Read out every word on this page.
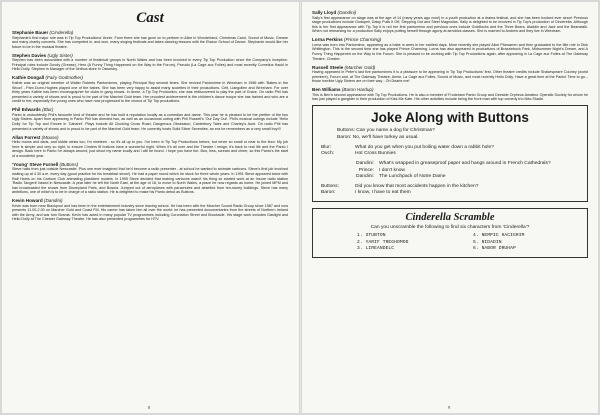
Cast
Stephanie Bauer (Cinderella)
Stephanie's first major role was in Tip Top Productions' Annie. From there she has gone on to perform in Alice in Wonderland, Christmas Carol, Sound of Music, Grease and many charity concerts. She has competed in, and won, many singing festivals and takes dancing lessons with the Elsdon School of Dance. Stephanie would like her future to be in the musical theatre.
Stephen Davies (Ugly Sister)
Stephen has been associated with a number of theatrical groups in North Wales and has been involved in every Tip Top Production since the Company's inception. Principal roles include Doody (Grease), Hero (A Funny Thing Happened on the Way to the Forum), Pseudo (La Cage aux Folles) and most recently Cornelius Hackl in Hello Dolly. Stephen is Manager of the Ichthus store in Oswestry.
Kathie Dongall (Fairy Godmother)
Kathie was an original member of Walter Roberts Pantomimes, playing Principal Boy several times. She revived Pantomime in Wrexham in 1986 with 'Babes in the Wood' - Pam Dunn-Hughes played one of the babes. She has been very happy to assist many societies in their productions. Celt, Llangollen and Wrexham. For over thirty years Kathie has been choreographer for clubs in gang shows. In Annie, a Tip Top Production, she was rediscovered to play the part of Grace. On radio Phil has presented a variety of shows and is proud to be part of the Marchel Gold team. Her proudest achievement is the children's dance troupe she has trained and who are a credit to her, especially the young ones who have now progressed to the chorus of Tip Top productions.
Phil Edwards (Blur)
Panto is undoubtedly Phil's favourite kind of theatre and he has built a reputation locally as a comedian and dame. This year he is pleased to be the prettier of the two Ugly Sisters. Apart from appearing in Panto Phil has directed two, as well as an occasional outing with Phil Russell's 'Our Day Out'. Phil's musical outings include 'Hello Dolly' for Tip Top and Emcee in 'Cabaret'. Plays include All Clucking Cross Road, Dangerous Obsession, Canterbury Tales and Charley's Aunt. On radio Phil has presented a variety of shows and is proud to be part of the Marchel Gold team. He currently hosts Solid Silver Seventies, an era he remembers as a very small boy!!!
Allan Forrest (Mouse)
Hello mums and dads, and kiddie winks too; I'm nineteen - so it's all up to you. I've been in Tip Top Productions before, but never so small or near to the floor. My job here is simple and very so right, to ensure Cinders fit buttons have a wonderful night. When it's all over and the Theatre I resign, it's back to real life and the Panto I design. Back here in Panto I'm always around, just shout my name loudly and I will be found. I hope you have fun. Boo, hiss, scream and cheer, so this Panto's the start of a wonderful year.
'Young' Steve Furnell (Buttons)
Steve hails from just outside Newcastle. Plus one ever imagined that he'd become a radio presenter - at school he wanted to animate cartoons. Steve's first job involved waking up at 4.30 a.m. every day (good practice for his breakfast show!). He had a paper round which he stuck for three whole years. In 1991 Steve appeared twice with Ralf Harris on his Cartoon Club animating plasticine models. In 1995 Steve decided that making cartoons wasn't his thing so started work at an Insure radio station 'Radio Tangent' based in Newcastle. A year later he left the North East, at the age of 18, to move to North Wales, a place he now regards as home. He joined MFM and has broadcasted the shows from Disneyland Paris, and Bosnia. Jumped out of aeroplanes with parachutes and abseiled from ten-storey buildings. Steve has many ambitions, one of which is to be in charge of a radio station. He is delighted to make his Panto debut as Buttons.
Kevin Howard (Dandini)
Kevin was born near Blackpool and has been in the entertainment industry since leaving school. He has been with the Marcher Sound Radio Group since 1987 and now presents 11.00-2.00 on Marcher Gold and Coast FM. His career has taken him all over the world: he has presented documentaries from the streets of Northern Ireland with the Army, and war torn Bosnia. Kevin has acted in many popular TV programmes including Coronation Street and Brookside. His stage work includes Gaslight and Hello Dolly at The Chester Gateway Theatre. He has also presented programmes for HTV.
8
Sally Lloyd (Dandini)
Sally's first appearance on stage was at the age of 14 (many years ago now!) in a youth production at a drama festival, and she has been hooked ever since! Previous stage productions include Godspell, Daisy Pulls It Off, Stepping Out and Steel Magnolias. Sally is delighted to be involved in Tip Top's production of Cinderella. Although this is her first appearance with Tip Top it is not her first pantomime and previous ones include Goldilocks and the Three Bears, Aladdin and Jack and the Beanstalk. When not rehearsing for a production Sally enjoys putting herself through agony at aerobics classes. She is married to Andrew and they live in Wrexham.
Lorna Perkins (Prince Charming)
Lorna was born into Pantomime, appearing as a babe in arms in her earliest days. More recently she played Alice Fitzwarren and then graduated to the title role in Dick Whittington. This is the second time she has played Prince Charming. Lorna has also appeared in productions of Brazzlebock Park, Midsummer Night's Dream, and A Funny Thing Happened on the Way to the Forum. She is pleased to be working with Tip Top Productions again, after appearing in La Cage aux Folles at The Gateway Theatre, Chester.
Russell Steele (Marcher Gold)
Having appeared in Peter's last five pantomimes it is a pleasure to be appearing in Tip Top Productions' first. Other theatre credits include Shakespeare Country (world premiere), Forum and, at The Gateway Theatre, Annie, La Cage aux Folles, Sound of Music, and most recently Hello Dolly. Have a great time at the Panto! Time to go... those horrible Ugly Sisters are on their way - Oh Dearie me!
Ben Williams (Baron Hardup)
This is Ben's second appearance with Tip Top Productions. He is also a member of Frodsham Panto Group and Deeside Orpheus Amateur Operatic Society for whom he has just played a gangster in their production of Kiss Me Kate. His other activities include being the front man with top comedy trio Nito-Shade.
Joke Along with Buttons
Buttons: Can you name a dog for Christmas?
Baron: No, we'll have turkey as usual.
Blur:	What do you get when you put boiling water down a rabbit hole?
Ouch:	Hot Cross Bunnies
Dandini:	What's wrapped in greaseproof paper and hangs around in French Cathedrals?
Prince:	I don't know
Dandini:	The Lunchpack of Notre Dame
Buttons:	Did you know that most accidents happen in the kitchen?
Baron:	I know, I have to eat them
Cinderella Scramble
Can you unscramble the following to find six characters from 'Cinderella'?
1. STUBTON	4. NEMPIC HACIGRIM
2. YARIF TREGHOMOD	5. NIDADIN
3. LIREANDELC	6. NABOR DRUHAP
9
